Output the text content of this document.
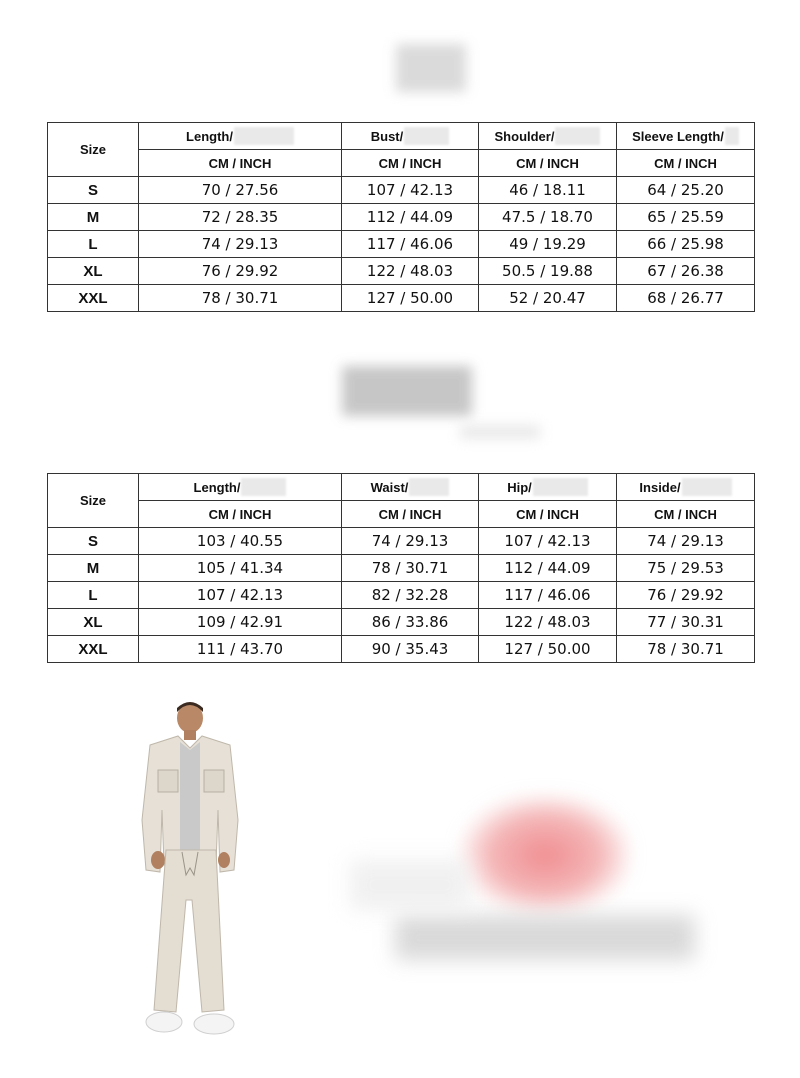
Size	Length/	Bust/	Shoulder/	Sleeve Length/
	CM / INCH	CM / INCH	CM / INCH	CM / INCH
S	70 / 27.56	107 / 42.13	46 / 18.11	64 / 25.20
M	72 / 28.35	112 / 44.09	47.5 / 18.70	65 / 25.59
L	74 / 29.13	117 / 46.06	49 / 19.29	66 / 25.98
XL	76 / 29.92	122 / 48.03	50.5 / 19.88	67 / 26.38
XXL	78 / 30.71	127 / 50.00	52 / 20.47	68 / 26.77
Size	Length/	Waist/	Hip/	Inside/
	CM / INCH	CM / INCH	CM / INCH	CM / INCH
S	103 / 40.55	74 / 29.13	107 / 42.13	74 / 29.13
M	105 / 41.34	78 / 30.71	112 / 44.09	75 / 29.53
L	107 / 42.13	82 / 32.28	117 / 46.06	76 / 29.92
XL	109 / 42.91	86 / 33.86	122 / 48.03	77 / 30.31
XXL	111 / 43.70	90 / 35.43	127 / 50.00	78 / 30.71
